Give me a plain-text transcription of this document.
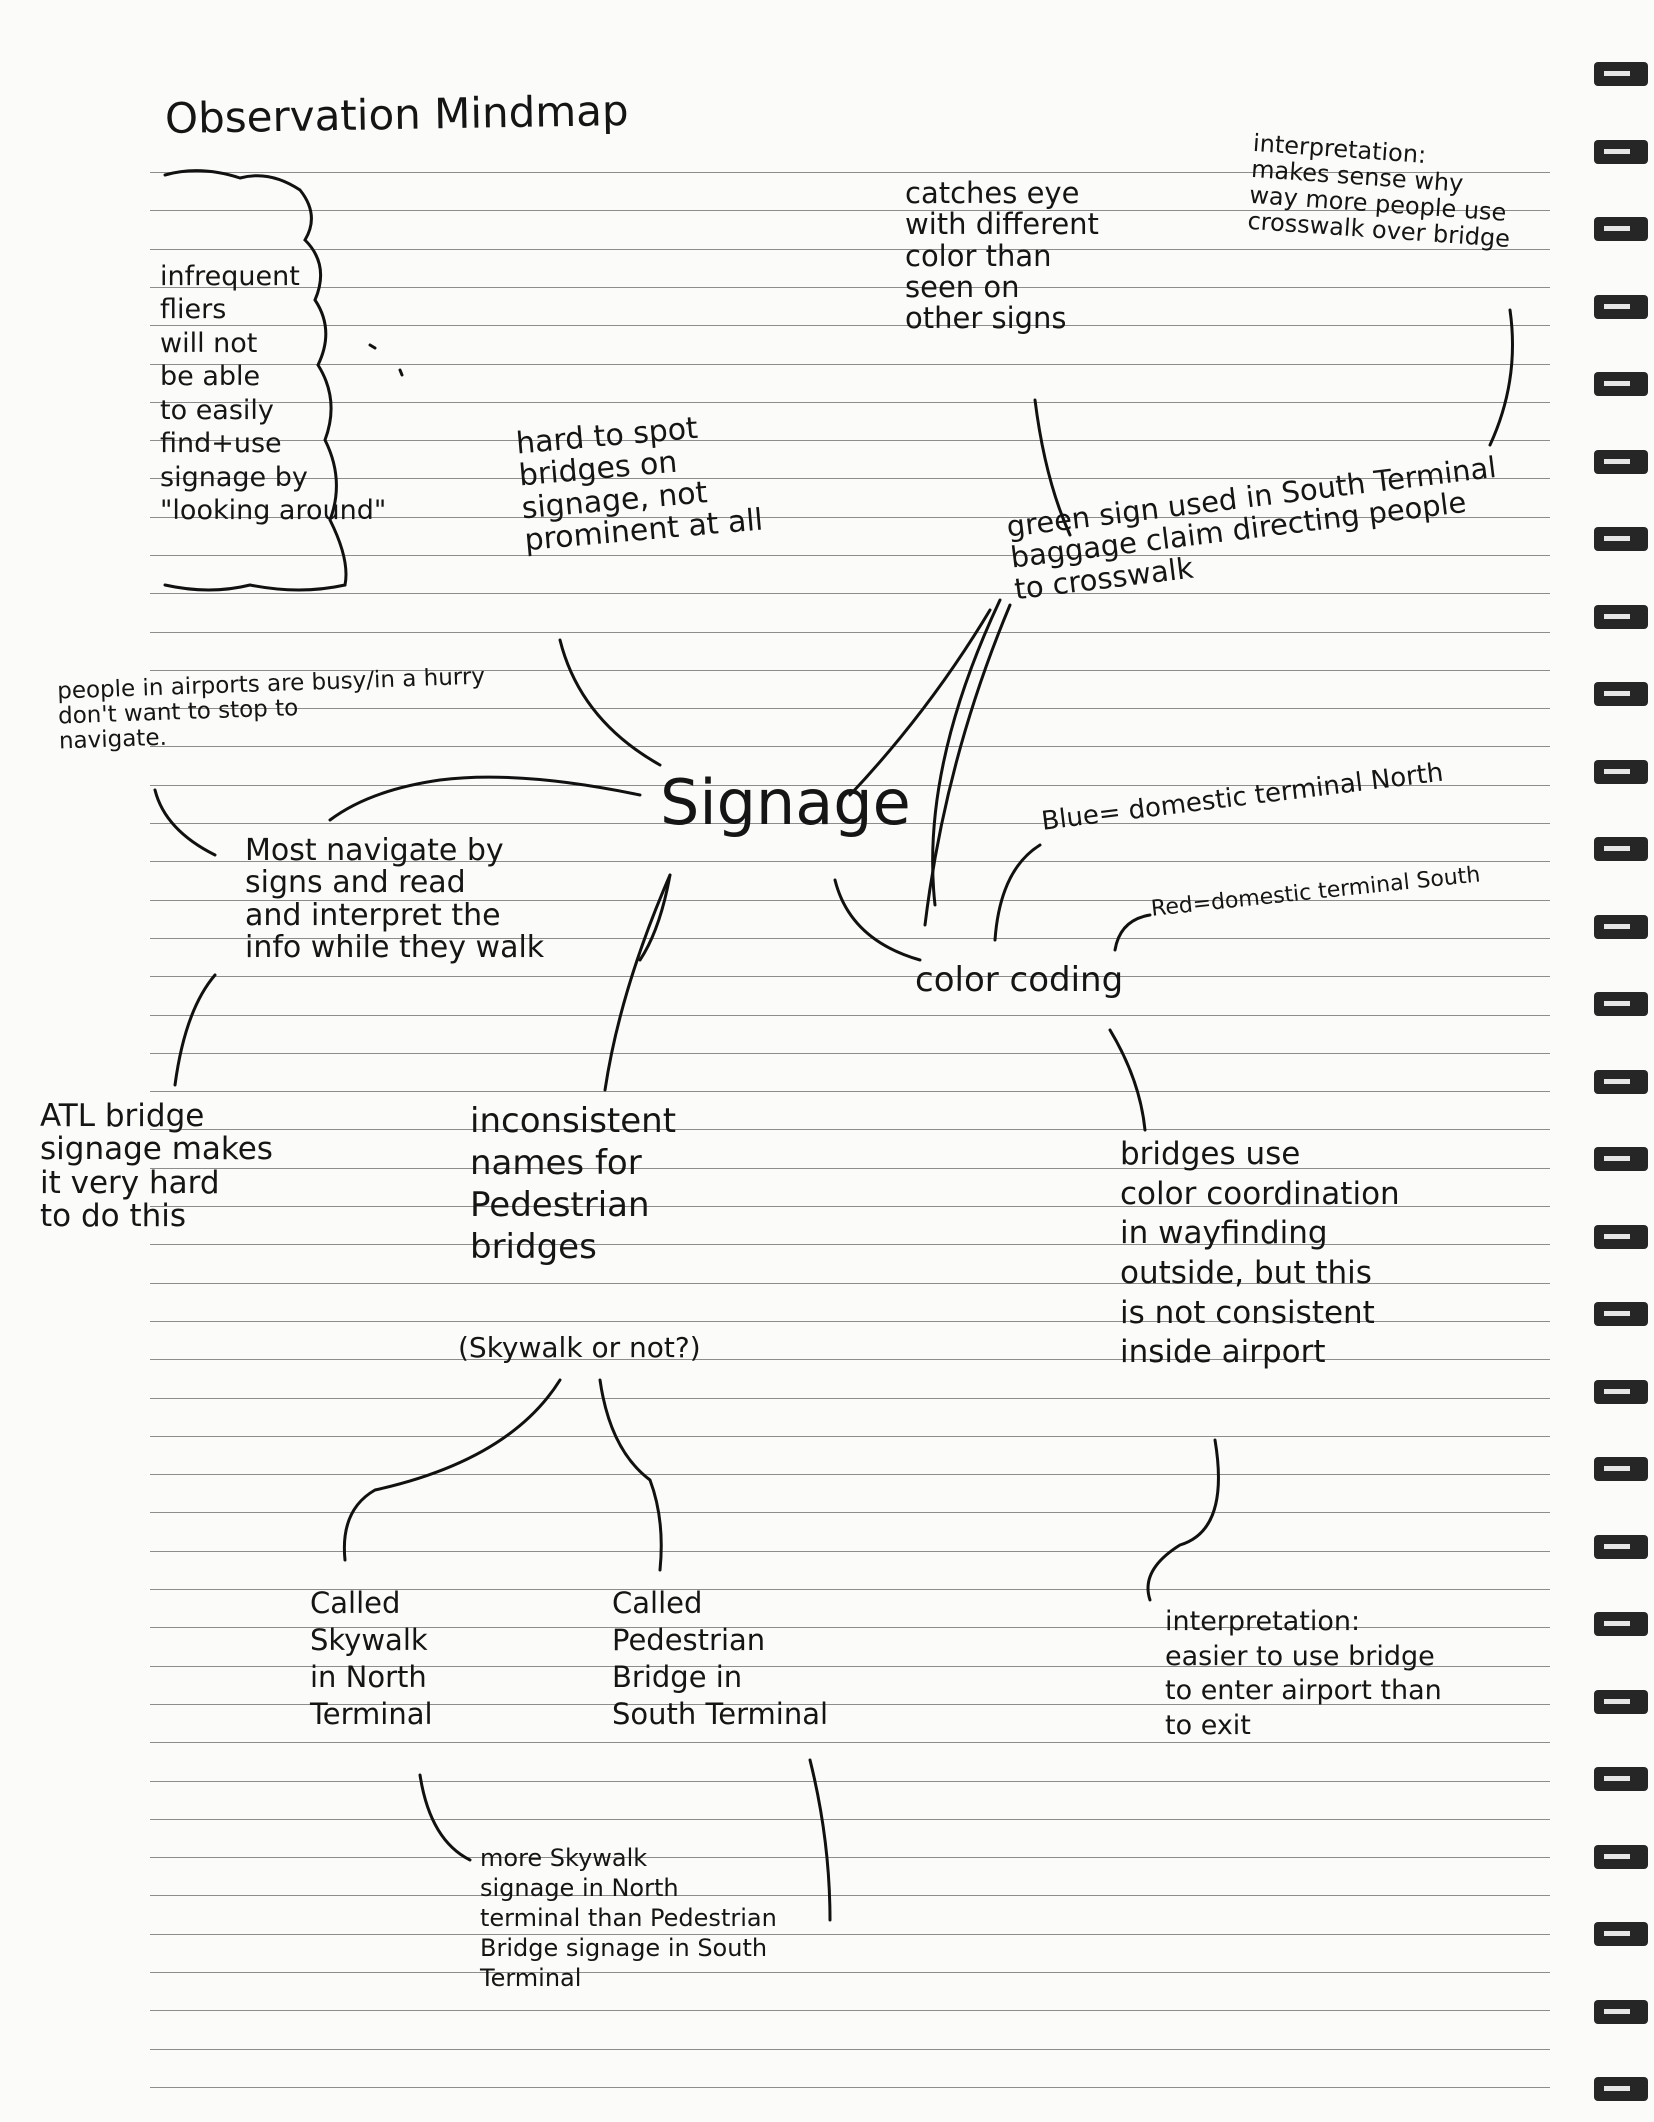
Observation Mindmap
infrequent
fliers
will not
be able
to easily
find+use
signage by
"looking around"
hard to spot
bridges on
signage, not
prominent at all
catches eye
with different
color than
seen on
other signs
interpretation:
makes sense why
way more people use
crosswalk over bridge
green sign used in South Terminal
baggage claim directing people
to crosswalk
people in airports are busy/in a hurry
don't want to stop to
navigate.
Signage
Most navigate by
signs and read
and interpret the
info while they walk
Blue= domestic terminal North
Red=domestic terminal South
color coding
ATL bridge
signage makes
it very hard
to do this
inconsistent
names for
Pedestrian
bridges
(Skywalk or not?)
bridges use
color coordination
in wayfinding
outside, but this
is not consistent
inside airport
Called
Skywalk
in North
Terminal
Called
Pedestrian
Bridge in
South Terminal
interpretation:
easier to use bridge
to enter airport than
to exit
more Skywalk
signage in North
terminal than Pedestrian
Bridge signage in South
Terminal
